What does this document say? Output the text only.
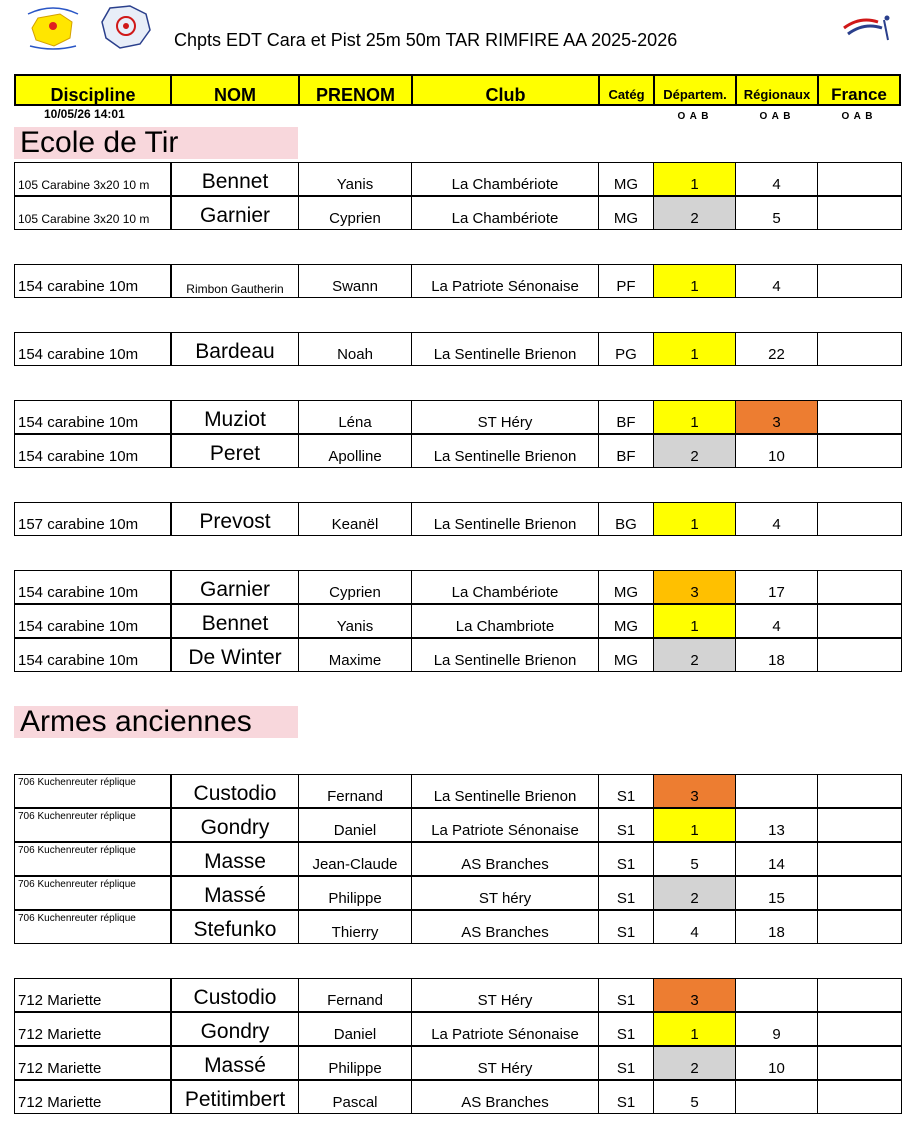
Chpts EDT Cara et Pist 25m 50m TAR RIMFIRE AA 2025-2026
Discipline	NOM	PRENOM	Club	Catég	Départem.	Régionaux	France
10/05/26 14:01	O A B	O A B	O A B
Ecole de Tir
Armes anciennes
105 Carabine 3x20 10 m	Bennet	Yanis	La Chambériote	MG	1	4
105 Carabine 3x20 10 m	Garnier	Cyprien	La Chambériote	MG	2	5
154 carabine 10m	Rimbon Gautherin	Swann	La Patriote Sénonaise	PF	1	4
154 carabine 10m	Bardeau	Noah	La Sentinelle Brienon	PG	1	22
154 carabine 10m	Muziot	Léna	ST Héry	BF	1	3
154 carabine 10m	Peret	Apolline	La Sentinelle Brienon	BF	2	10
157 carabine 10m	Prevost	Keanël	La Sentinelle Brienon	BG	1	4
154 carabine 10m	Garnier	Cyprien	La Chambériote	MG	3	17
154 carabine 10m	Bennet	Yanis	La Chambriote	MG	1	4
154 carabine 10m	De Winter	Maxime	La Sentinelle Brienon	MG	2	18
706 Kuchenreuter réplique	Custodio	Fernand	La Sentinelle Brienon	S1	3
706 Kuchenreuter réplique	Gondry	Daniel	La Patriote Sénonaise	S1	1	13
706 Kuchenreuter réplique	Masse	Jean-Claude	AS Branches	S1	5	14
706 Kuchenreuter réplique	Massé	Philippe	ST héry	S1	2	15
706 Kuchenreuter réplique	Stefunko	Thierry	AS Branches	S1	4	18
712 Mariette	Custodio	Fernand	ST Héry	S1	3
712 Mariette	Gondry	Daniel	La Patriote Sénonaise	S1	1	9
712 Mariette	Massé	Philippe	ST Héry	S1	2	10
712 Mariette	Petitimbert	Pascal	AS Branches	S1	5
